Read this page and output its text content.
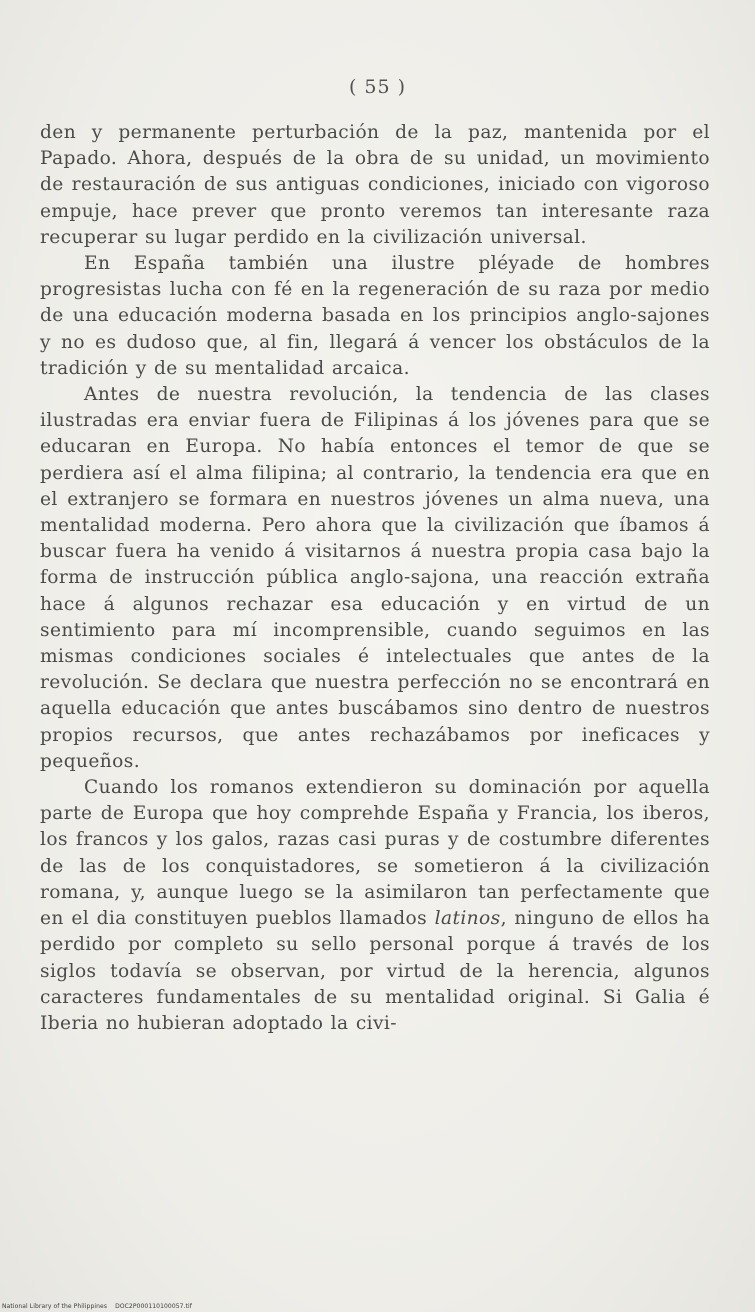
( 55 )

den y permanente perturbación de la paz, mantenida por el Papado. Ahora, después de la obra de su unidad, un movimiento de restauración de sus antiguas condiciones, iniciado con vigoroso empuje, hace prever que pronto veremos tan interesante raza recuperar su lugar perdido en la civilización universal.

En España también una ilustre pléyade de hombres progresistas lucha con fé en la regeneración de su raza por medio de una educación moderna basada en los principios anglo-sajones y no es dudoso que, al fin, llegará á vencer los obstáculos de la tradición y de su mentalidad arcaica.

Antes de nuestra revolución, la tendencia de las clases ilustradas era enviar fuera de Filipinas á los jóvenes para que se educaran en Europa. No había entonces el temor de que se perdiera así el alma filipina; al contrario, la tendencia era que en el extranjero se formara en nuestros jóvenes un alma nueva, una mentalidad moderna. Pero ahora que la civilización que íbamos á buscar fuera ha venido á visitarnos á nuestra propia casa bajo la forma de instrucción pública anglo-sajona, una reacción extraña hace á algunos rechazar esa educación y en virtud de un sentimiento para mí incomprensible, cuando seguimos en las mismas condiciones sociales é intelectuales que antes de la revolución. Se declara que nuestra perfección no se encontrará en aquella educación que antes buscábamos sino dentro de nuestros propios recursos, que antes rechazábamos por ineficaces y pequeños.

Cuando los romanos extendieron su dominación por aquella parte de Europa que hoy comprehde España y Francia, los iberos, los francos y los galos, razas casi puras y de costumbre diferentes de las de los conquistadores, se sometieron á la civilización romana, y, aunque luego se la asimilaron tan perfectamente que en el dia constituyen pueblos llamados latinos, ninguno de ellos ha perdido por completo su sello personal porque á través de los siglos todavía se observan, por virtud de la herencia, algunos caracteres fundamentales de su mentalidad original. Si Galia é Iberia no hubieran adoptado la civi-

National Library of the Philippines DOC2P000110100057.tif
